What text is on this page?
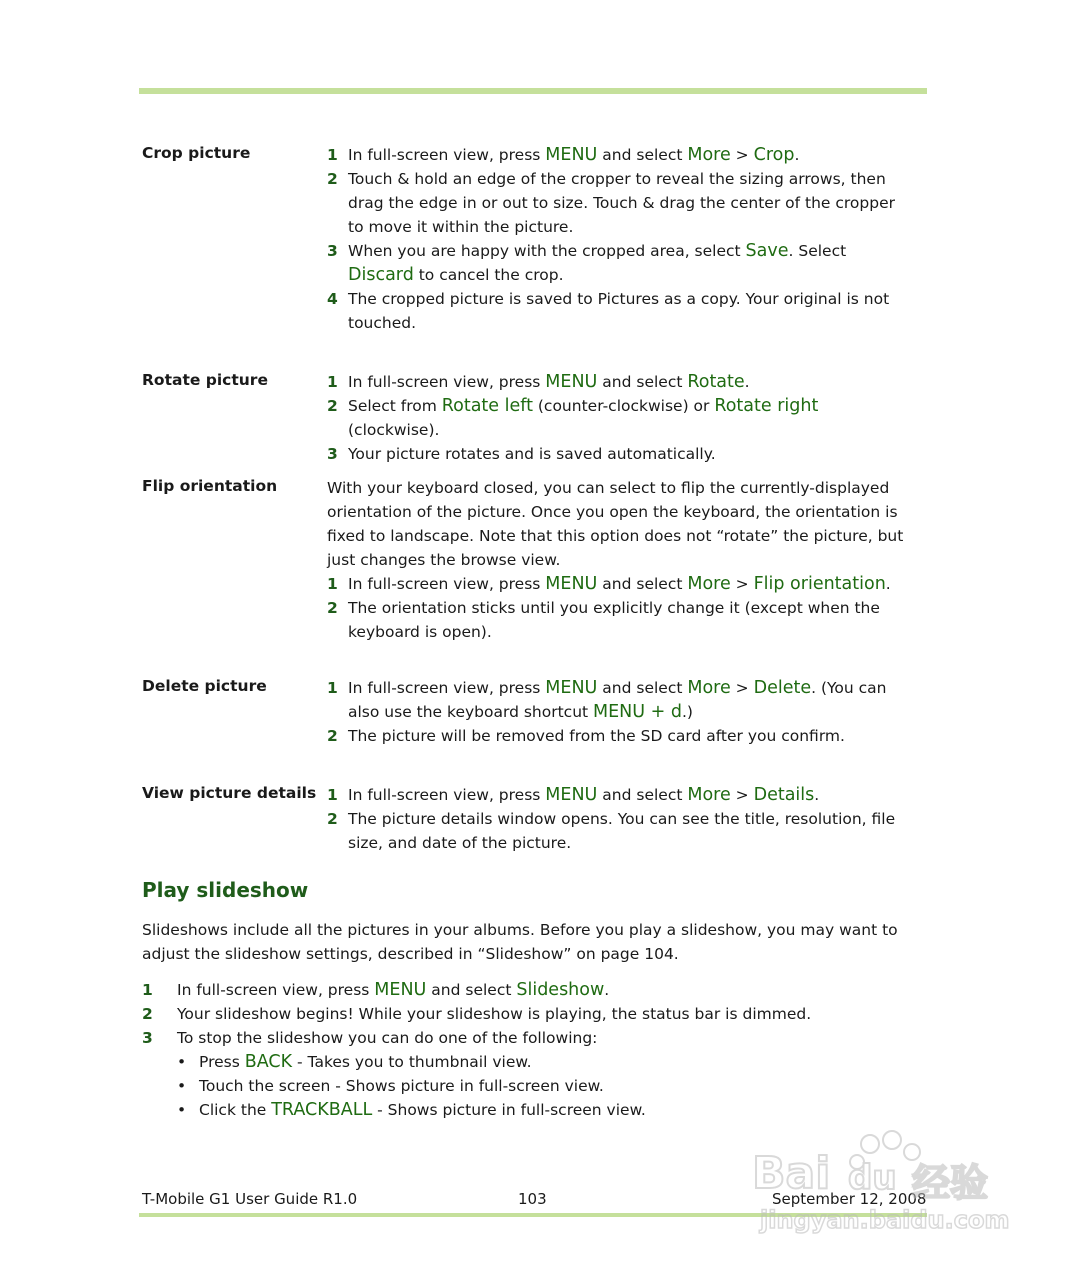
Crop picture	1 In full-screen view, press MENU and select More > Crop.
2 Touch & hold an edge of the cropper to reveal the sizing arrows, then drag the edge in or out to size. Touch & drag the center of the cropper to move it within the picture.
3 When you are happy with the cropped area, select Save. Select Discard to cancel the crop.
4 The cropped picture is saved to Pictures as a copy. Your original is not touched.
Rotate picture	1 In full-screen view, press MENU and select Rotate.
2 Select from Rotate left (counter-clockwise) or Rotate right (clockwise).
3 Your picture rotates and is saved automatically.
Flip orientation	With your keyboard closed, you can select to flip the currently-displayed orientation of the picture. Once you open the keyboard, the orientation is fixed to landscape. Note that this option does not “rotate” the picture, but just changes the browse view.

1 In full-screen view, press MENU and select More > Flip orientation.
2 The orientation sticks until you explicitly change it (except when the keyboard is open).
Delete picture	1 In full-screen view, press MENU and select More > Delete. (You can also use the keyboard shortcut MENU + d.)
2 The picture will be removed from the SD card after you confirm.
View picture details 1 In full-screen view, press MENU and select More > Details.
2 The picture details window opens. You can see the title, resolution, file size, and date of the picture.
Play slideshow

Slideshows include all the pictures in your albums. Before you play a slideshow, you may want to adjust the slideshow settings, described in “Slideshow” on page 104.

1 In full-screen view, press MENU and select Slideshow.
2 Your slideshow begins! While your slideshow is playing, the status bar is dimmed.
3 To stop the slideshow you can do one of the following:
• Press BACK - Takes you to thumbnail view.
• Touch the screen - Shows picture in full-screen view.
• Click the TRACKBALL - Shows picture in full-screen view.
T-Mobile G1 User Guide R1.0	103	September 12, 2008
Bai du 经验
jingyan.baidu.com
